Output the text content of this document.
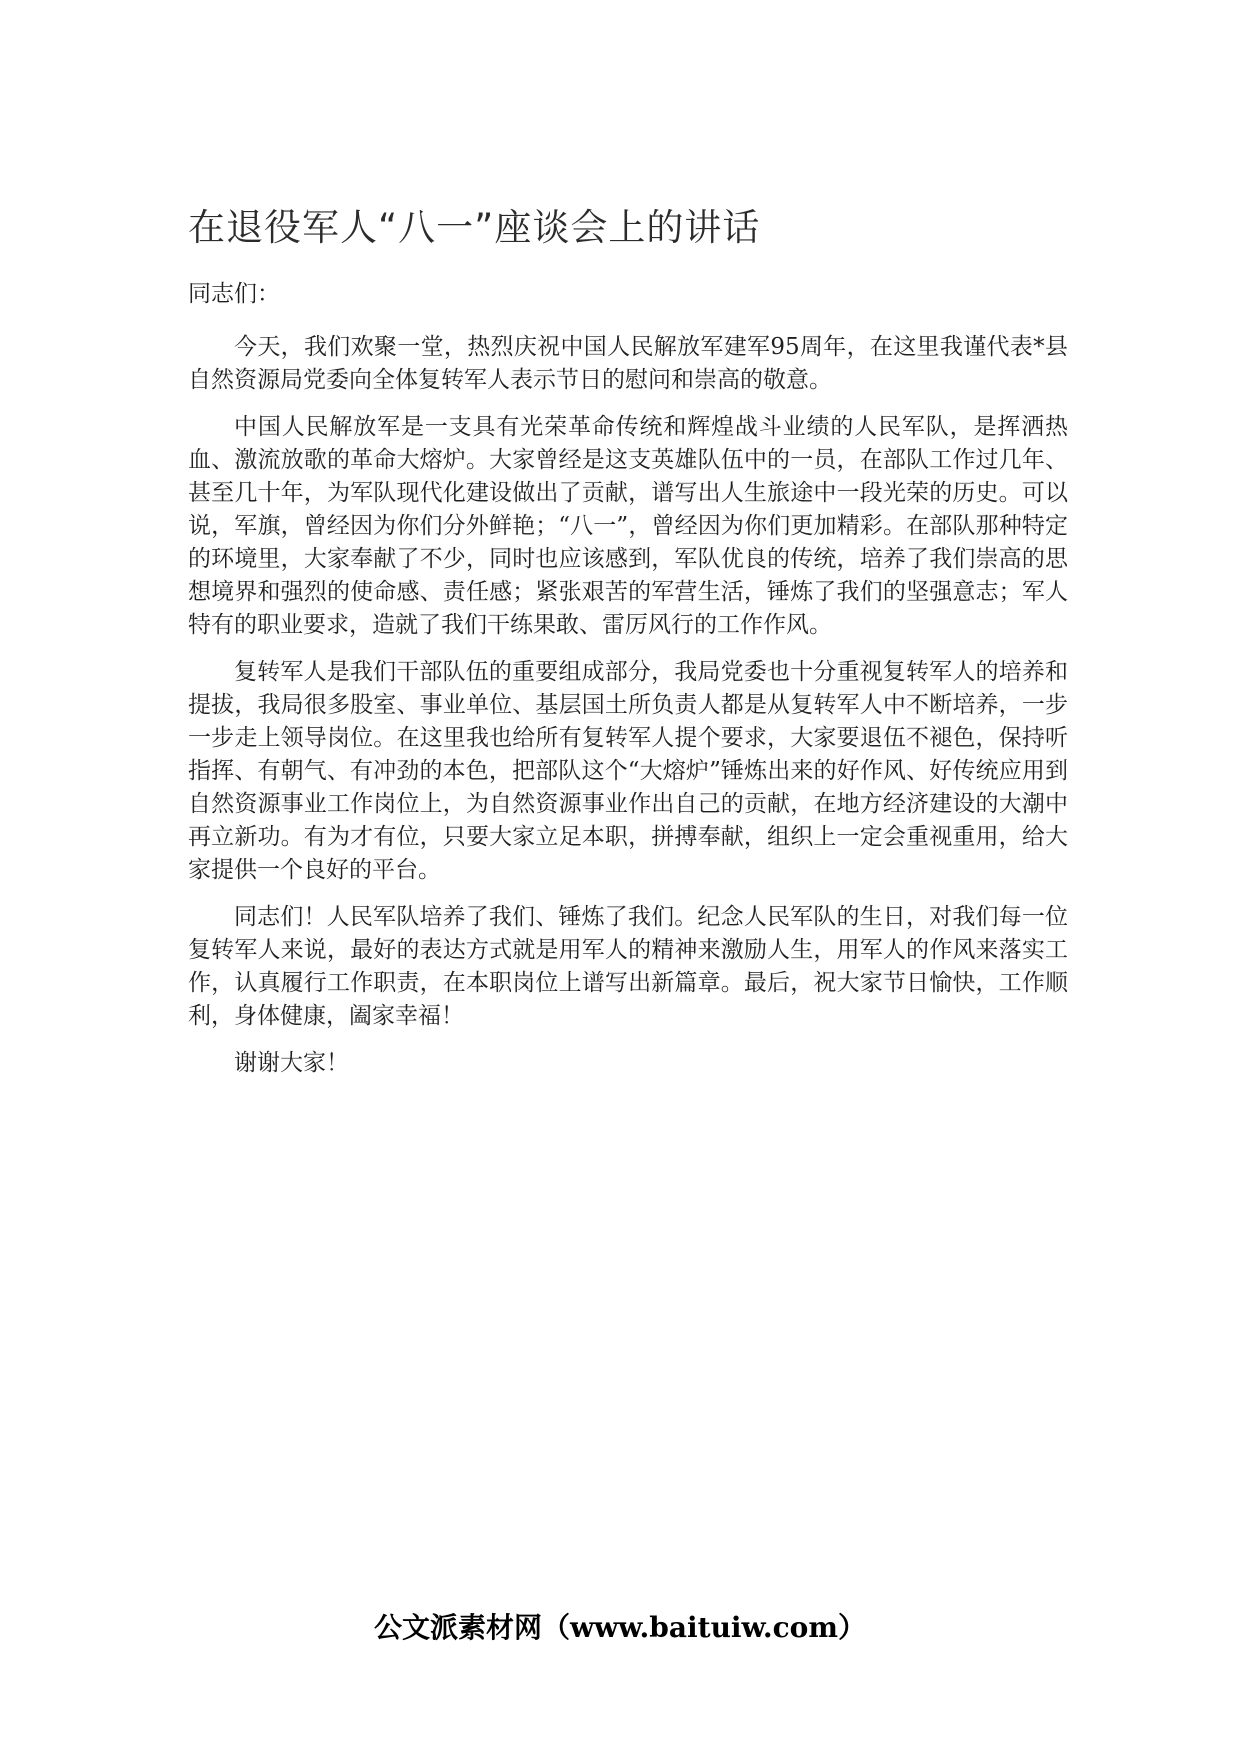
在退役军人“八一”座谈会上的讲话

同志们：

今天，我们欢聚一堂，热烈庆祝中国人民解放军建军95周年，在这里我谨代表*县自然资源局党委向全体复转军人表示节日的慰问和崇高的敬意。

中国人民解放军是一支具有光荣革命传统和辉煌战斗业绩的人民军队，是挥洒热血、激流放歌的革命大熔炉。大家曾经是这支英雄队伍中的一员，在部队工作过几年、甚至几十年，为军队现代化建设做出了贡献，谱写出人生旅途中一段光荣的历史。可以说，军旗，曾经因为你们分外鲜艳；“八一”，曾经因为你们更加精彩。在部队那种特定的环境里，大家奉献了不少，同时也应该感到，军队优良的传统，培养了我们崇高的思想境界和强烈的使命感、责任感；紧张艰苦的军营生活，锤炼了我们的坚强意志；军人特有的职业要求，造就了我们干练果敢、雷厉风行的工作作风。

复转军人是我们干部队伍的重要组成部分，我局党委也十分重视复转军人的培养和提拔，我局很多股室、事业单位、基层国土所负责人都是从复转军人中不断培养，一步一步走上领导岗位。在这里我也给所有复转军人提个要求，大家要退伍不褪色，保持听指挥、有朝气、有冲劲的本色，把部队这个“大熔炉”锤炼出来的好作风、好传统应用到自然资源事业工作岗位上，为自然资源事业作出自己的贡献，在地方经济建设的大潮中再立新功。有为才有位，只要大家立足本职，拼搏奉献，组织上一定会重视重用，给大家提供一个良好的平台。

同志们！人民军队培养了我们、锤炼了我们。纪念人民军队的生日，对我们每一位复转军人来说，最好的表达方式就是用军人的精神来激励人生，用军人的作风来落实工作，认真履行工作职责，在本职岗位上谱写出新篇章。最后，祝大家节日愉快，工作顺利，身体健康，阖家幸福！

谢谢大家！

公文派素材网（www.baituiw.com）
